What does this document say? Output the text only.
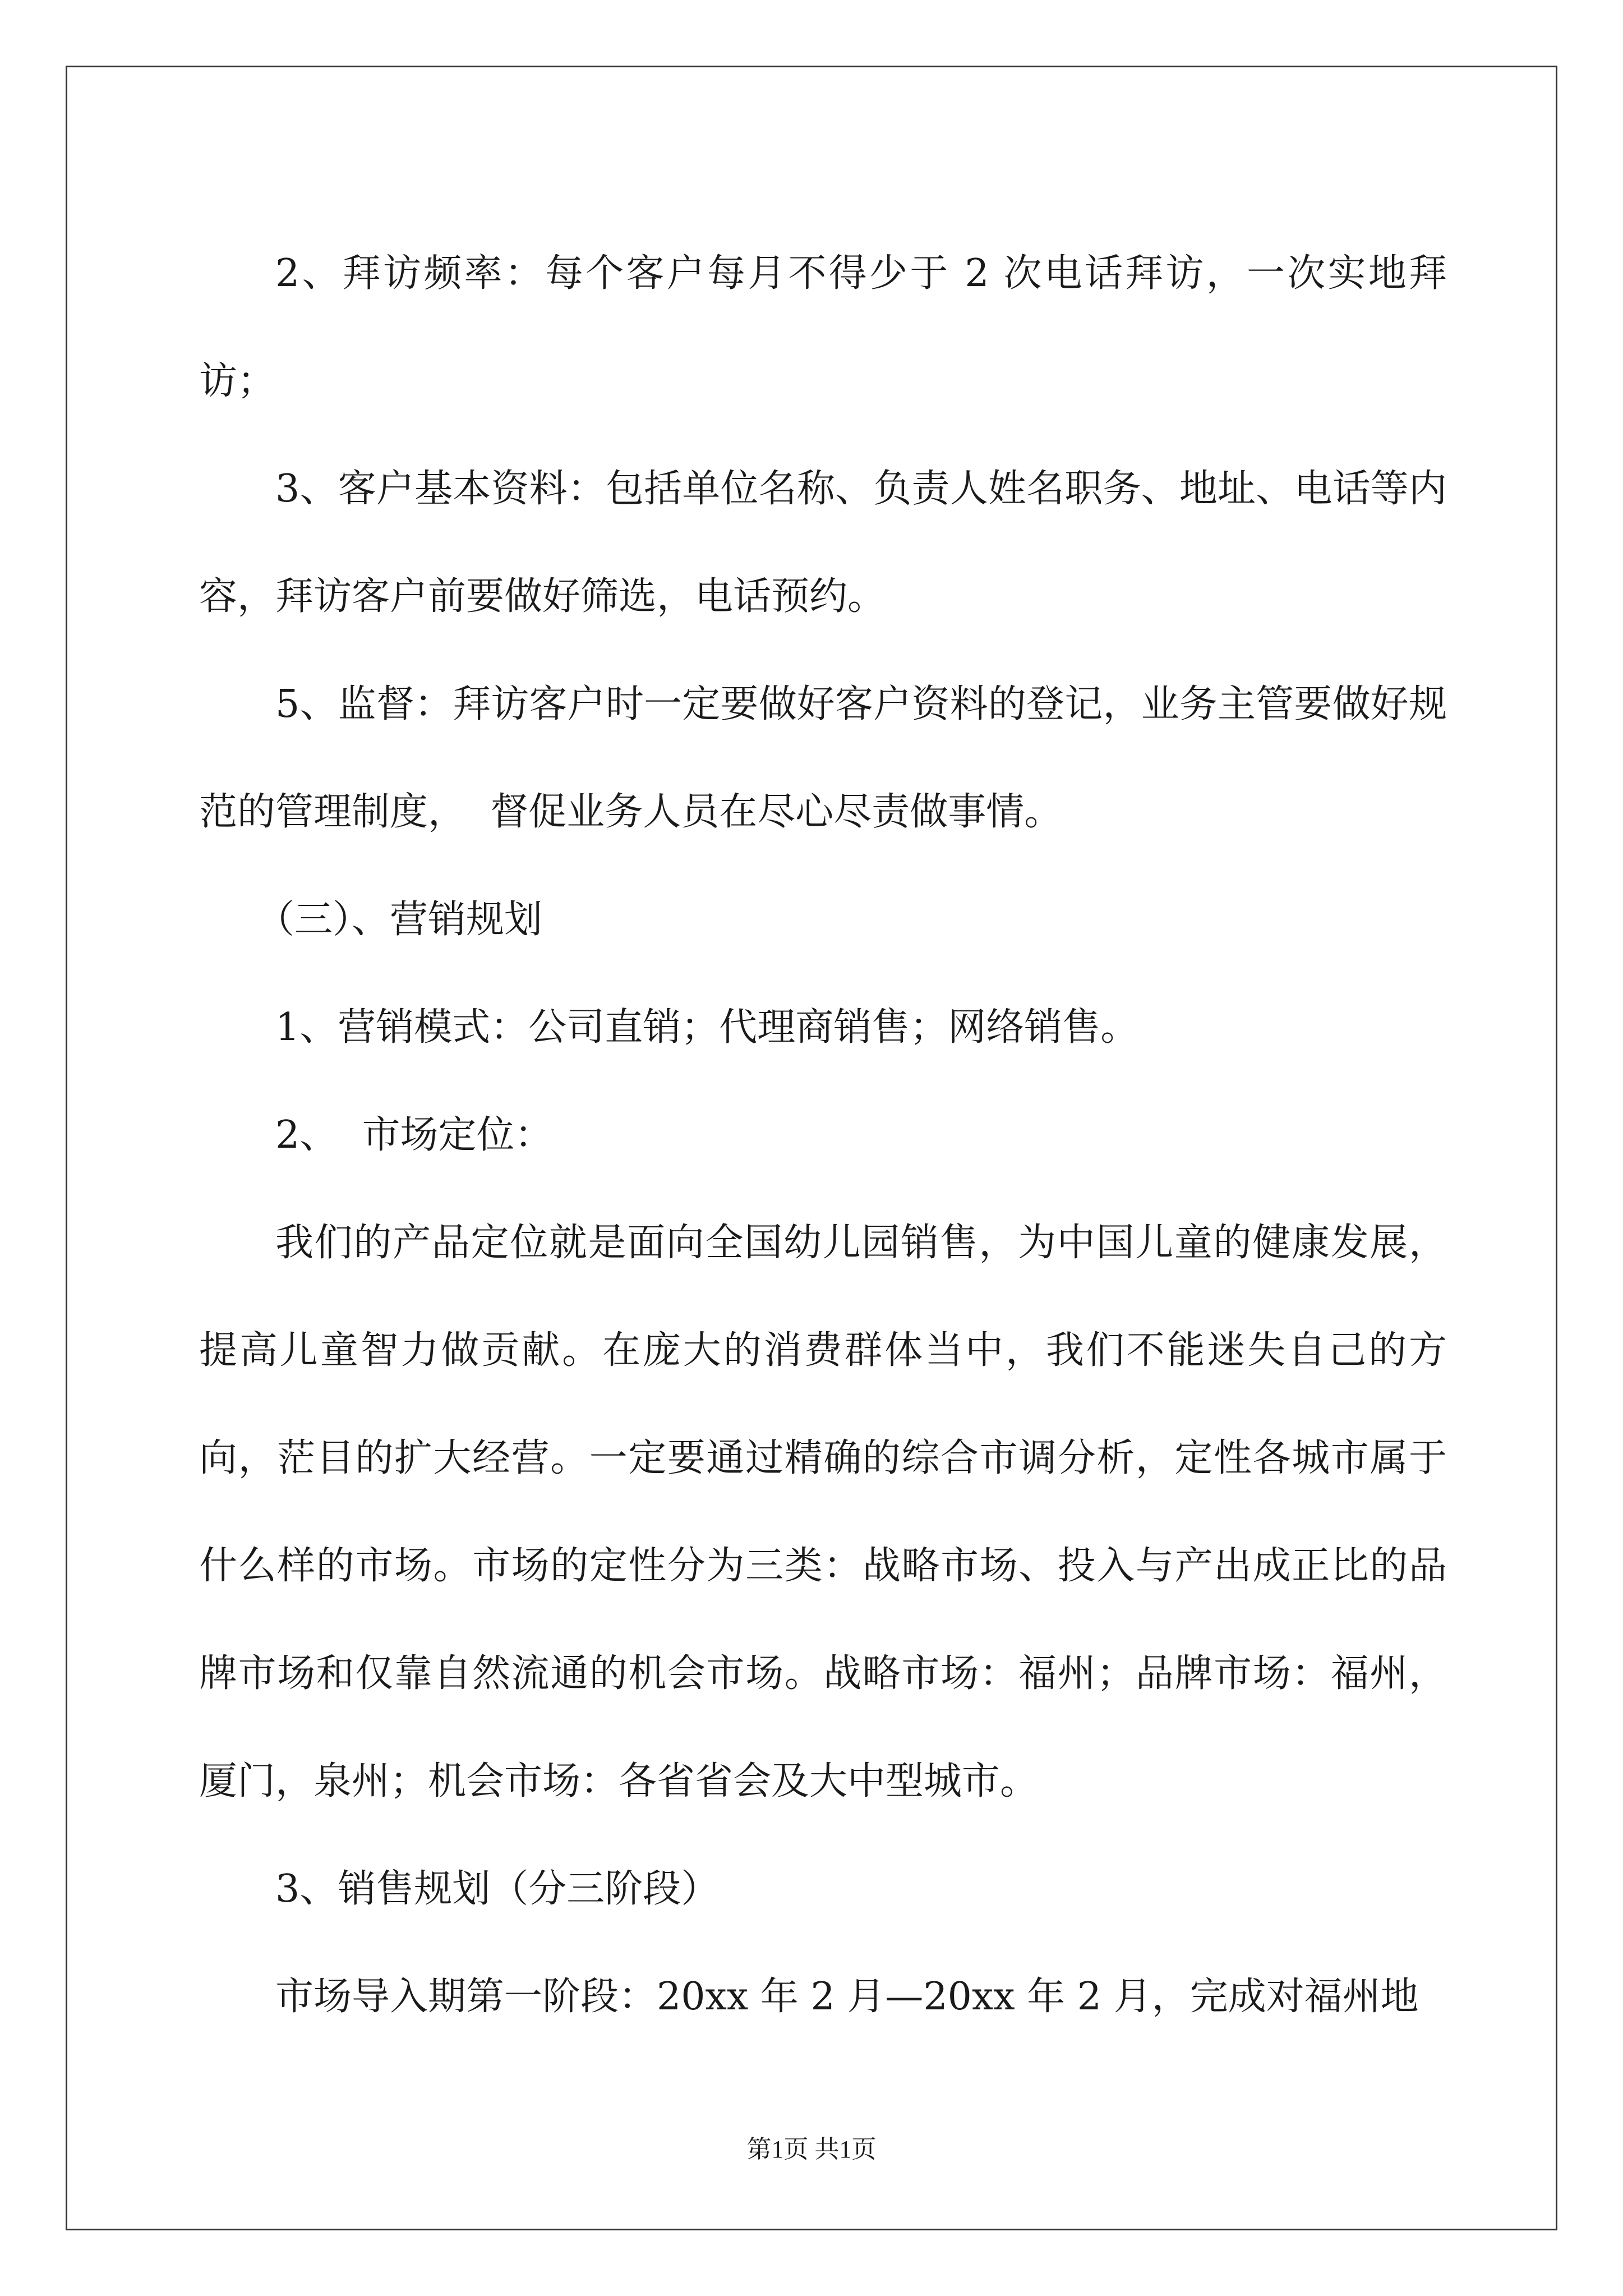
2、拜访频率：每个客户每月不得少于 2 次电话拜访，一次实地拜访；

3、客户基本资料：包括单位名称、负责人姓名职务、地址、电话等内容，拜访客户前要做好筛选，电话预约。

5、监督：拜访客户时一定要做好客户资料的登记，业务主管要做好规范的管理制度，  督促业务人员在尽心尽责做事情。

（三）、营销规划

1、营销模式：公司直销；代理商销售；网络销售。

2、  市场定位：

我们的产品定位就是面向全国幼儿园销售，为中国儿童的健康发展，提高儿童智力做贡献。在庞大的消费群体当中，我们不能迷失自己的方向，茫目的扩大经营。一定要通过精确的综合市调分析，定性各城市属于什么样的市场。市场的定性分为三类：战略市场、投入与产出成正比的品牌市场和仅靠自然流通的机会市场。战略市场：福州；品牌市场：福州，厦门，泉州；机会市场：各省省会及大中型城市。

3、销售规划（分三阶段）

市场导入期第一阶段：20xx 年 2 月—20xx 年 2 月，完成对福州地

第1页 共1页
